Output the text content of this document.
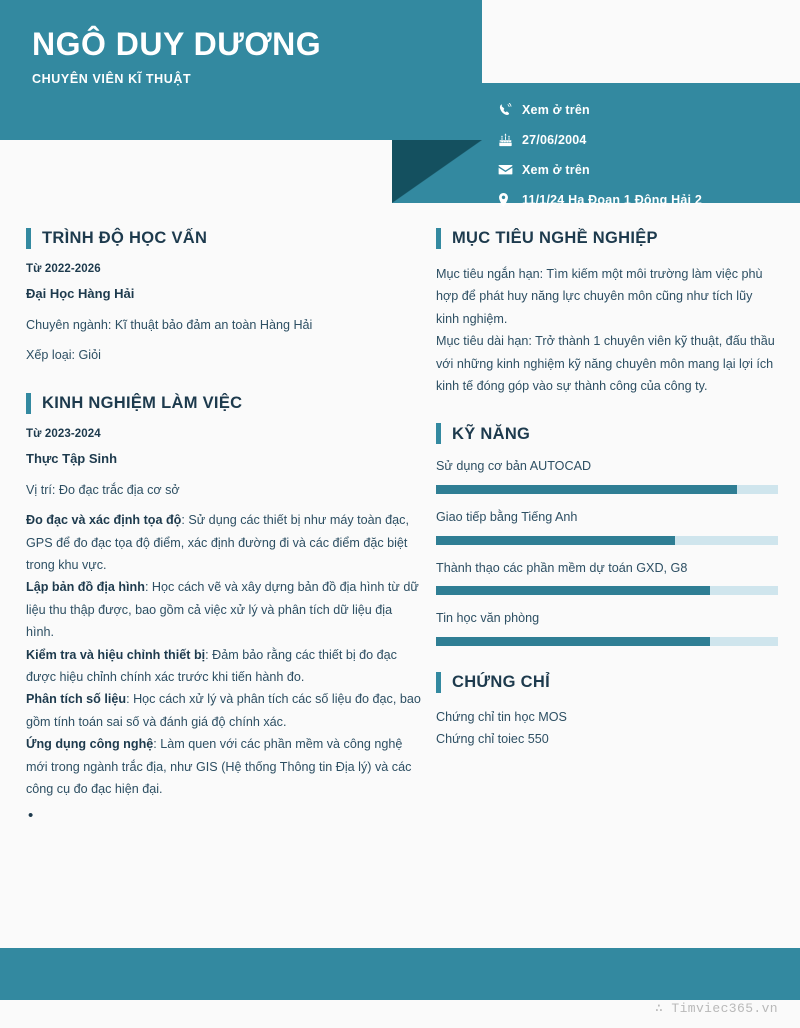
NGÔ DUY DƯƠNG
CHUYÊN VIÊN KĨ THUẬT
Xem ở trên
27/06/2004
Xem ở trên
11/1/24 Hạ Đoạn 1 Đông Hải 2
TRÌNH ĐỘ HỌC VẤN
Từ 2022-2026
Đại Học Hàng Hải
Chuyên ngành: Kĩ thuật bảo đảm an toàn Hàng Hải
Xếp loại: Giỏi
KINH NGHIỆM LÀM VIỆC
Từ 2023-2024
Thực Tập Sinh
Vị trí: Đo đạc trắc địa cơ sở
Đo đạc và xác định tọa độ: Sử dụng các thiết bị như máy toàn đạc, GPS để đo đạc tọa độ điểm, xác định đường đi và các điểm đặc biệt trong khu vực.
Lập bản đồ địa hình: Học cách vẽ và xây dựng bản đồ địa hình từ dữ liệu thu thập được, bao gồm cả việc xử lý và phân tích dữ liệu địa hình.
Kiểm tra và hiệu chỉnh thiết bị: Đảm bảo rằng các thiết bị đo đạc được hiệu chỉnh chính xác trước khi tiến hành đo.
Phân tích số liệu: Học cách xử lý và phân tích các số liệu đo đạc, bao gồm tính toán sai số và đánh giá độ chính xác.
Ứng dụng công nghệ: Làm quen với các phần mềm và công nghệ mới trong ngành trắc địa, như GIS (Hệ thống Thông tin Địa lý) và các công cụ đo đạc hiện đại.
MỤC TIÊU NGHỀ NGHIỆP
Mục tiêu ngắn hạn: Tìm kiếm một môi trường làm việc phù hợp để phát huy năng lực chuyên môn cũng như tích lũy kinh nghiệm.
Mục tiêu dài hạn: Trở thành 1 chuyên viên kỹ thuật, đấu thầu với những kinh nghiệm kỹ năng chuyên môn mang lại lợi ích kinh tế đóng góp vào sự thành công của công ty.
KỸ NĂNG
Sử dụng cơ bản AUTOCAD
Giao tiếp bằng Tiếng Anh
Thành thạo các phần mềm dự toán GXD, G8
Tin học văn phòng
CHỨNG CHỈ
Chứng chỉ tin học MOS
Chứng chỉ toiec 550
∴ Timviec365.vn
